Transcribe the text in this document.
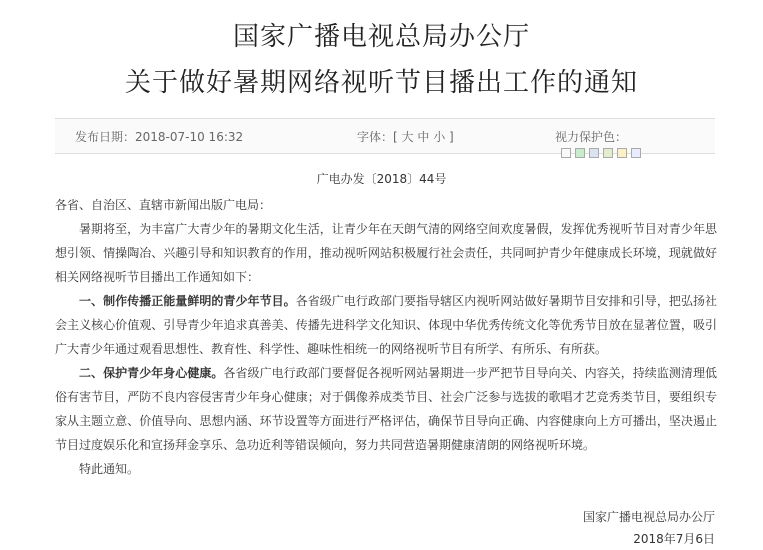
国家广播电视总局办公厅
关于做好暑期网络视听节目播出工作的通知
发布日期：2018-07-10 16:32	字体：[ 大 中 小 ]	视力保护色：
广电办发〔2018〕44号

各省、自治区、直辖市新闻出版广电局：

暑期将至，为丰富广大青少年的暑期文化生活，让青少年在天朗气清的网络空间欢度暑假，发挥优秀视听节目对青少年思想引领、情操陶冶、兴趣引导和知识教育的作用，推动视听网站积极履行社会责任，共同呵护青少年健康成长环境，现就做好相关网络视听节目播出工作通知如下：

一、制作传播正能量鲜明的青少年节目。各省级广电行政部门要指导辖区内视听网站做好暑期节目安排和引导，把弘扬社会主义核心价值观、引导青少年追求真善美、传播先进科学文化知识、体现中华优秀传统文化等优秀节目放在显著位置，吸引广大青少年通过观看思想性、教育性、科学性、趣味性相统一的网络视听节目有所学、有所乐、有所获。

二、保护青少年身心健康。各省级广电行政部门要督促各视听网站暑期进一步严把节目导向关、内容关，持续监测清理低俗有害节目，严防不良内容侵害青少年身心健康；对于偶像养成类节目、社会广泛参与选拔的歌唱才艺竞秀类节目，要组织专家从主题立意、价值导向、思想内涵、环节设置等方面进行严格评估，确保节目导向正确、内容健康向上方可播出，坚决遏止节目过度娱乐化和宣扬拜金享乐、急功近利等错误倾向，努力共同营造暑期健康清朗的网络视听环境。

特此通知。

国家广播电视总局办公厅
2018年7月6日
